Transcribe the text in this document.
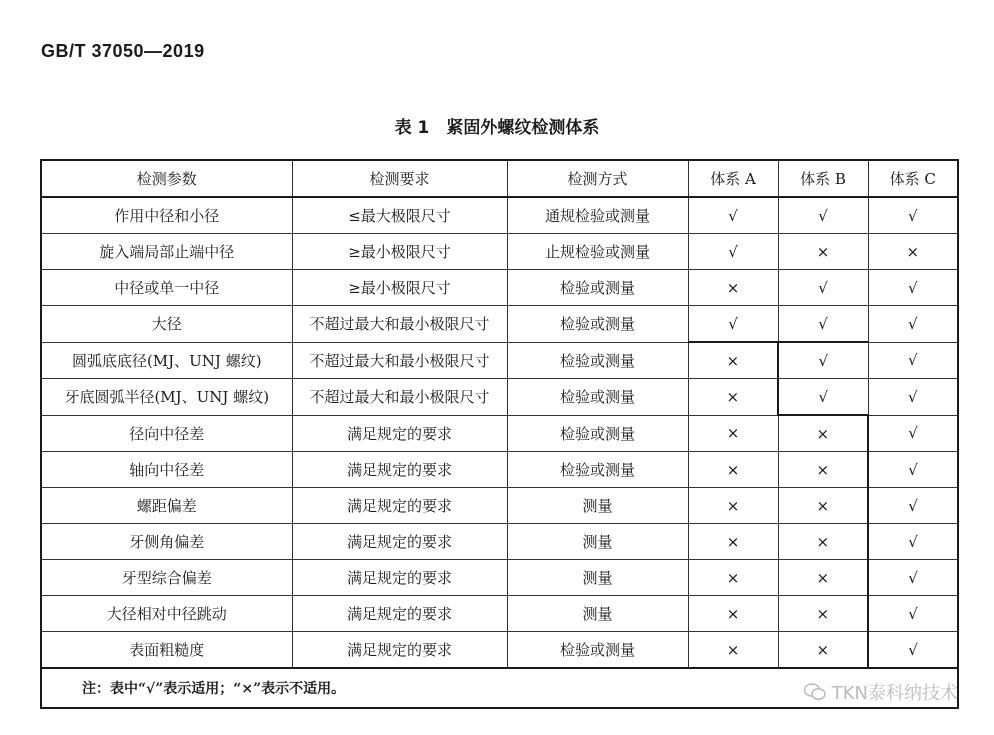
GB/T 37050—2019
表 1　紧固外螺纹检测体系
检测参数	检测要求	检测方式	体系 A	体系 B	体系 C
作用中径和小径	≤最大极限尺寸	通规检验或测量	√	√	√
旋入端局部止端中径	≥最小极限尺寸	止规检验或测量	√	×	×
中径或单一中径	≥最小极限尺寸	检验或测量	×	√	√
大径	不超过最大和最小极限尺寸	检验或测量	√	√	√
圆弧底底径(MJ、UNJ 螺纹)	不超过最大和最小极限尺寸	检验或测量	×	√	√
牙底圆弧半径(MJ、UNJ 螺纹)	不超过最大和最小极限尺寸	检验或测量	×	√	√
径向中径差	满足规定的要求	检验或测量	×	×	√
轴向中径差	满足规定的要求	检验或测量	×	×	√
螺距偏差	满足规定的要求	测量	×	×	√
牙侧角偏差	满足规定的要求	测量	×	×	√
牙型综合偏差	满足规定的要求	测量	×	×	√
大径相对中径跳动	满足规定的要求	测量	×	×	√
表面粗糙度	满足规定的要求	检验或测量	×	×	√
注：表中“√”表示适用；“×”表示不适用。						TKN泰科纳技术
